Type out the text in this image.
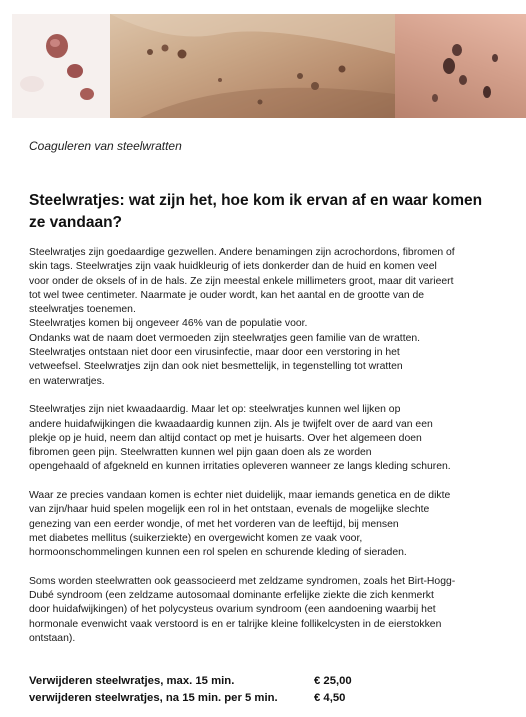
Coaguleren van steelwratten
Steelwratjes: wat zijn het, hoe kom ik ervan af en waar komen ze vandaan?

Steelwratjes zijn goedaardige gezwellen. Andere benamingen zijn acrochordons, fibromen of
skin tags. Steelwratjes zijn vaak huidkleurig of iets donkerder dan de huid en komen veel
voor onder de oksels of in de hals. Ze zijn meestal enkele millimeters groot, maar dit varieert
tot wel twee centimeter. Naarmate je ouder wordt, kan het aantal en de grootte van de
steelwratjes toenemen.
Steelwratjes komen bij ongeveer 46% van de populatie voor.
Ondanks wat de naam doet vermoeden zijn steelwratjes geen familie van de wratten.
Steelwratjes ontstaan niet door een virusinfectie, maar door een verstoring in het
vetweefsel. Steelwratjes zijn dan ook niet besmettelijk, in tegenstelling tot wratten
en waterwratjes.

Steelwratjes zijn niet kwaadaardig. Maar let op: steelwratjes kunnen wel lijken op
andere huidafwijkingen die kwaadaardig kunnen zijn. Als je twijfelt over de aard van een
plekje op je huid, neem dan altijd contact op met je huisarts. Over het algemeen doen
fibromen geen pijn. Steelwratten kunnen wel pijn gaan doen als ze worden
opengehaald of afgekneld en kunnen irritaties opleveren wanneer ze langs kleding schuren.

Waar ze precies vandaan komen is echter niet duidelijk, maar iemands genetica en de dikte
van zijn/haar huid spelen mogelijk een rol in het ontstaan, evenals de mogelijke slechte
genezing van een eerder wondje, of met het vorderen van de leeftijd, bij mensen
met diabetes mellitus (suikerziekte) en overgewicht komen ze vaak voor,
hormoonschommelingen kunnen een rol spelen en schurende kleding of sieraden.

Soms worden steelwratten ook geassocieerd met zeldzame syndromen, zoals het Birt-Hogg-
Dubé syndroom (een zeldzame autosomaal dominante erfelijke ziekte die zich kenmerkt
door huidafwijkingen) of het polycysteus ovarium syndroom (een aandoening waarbij het
hormonale evenwicht vaak verstoord is en er talrijke kleine follikelcysten in de eierstokken
ontstaan).

Verwijderen steelwratjes, max. 15 min.	€ 25,00
verwijderen steelwratjes, na 15 min. per 5 min.	€ 4,50
